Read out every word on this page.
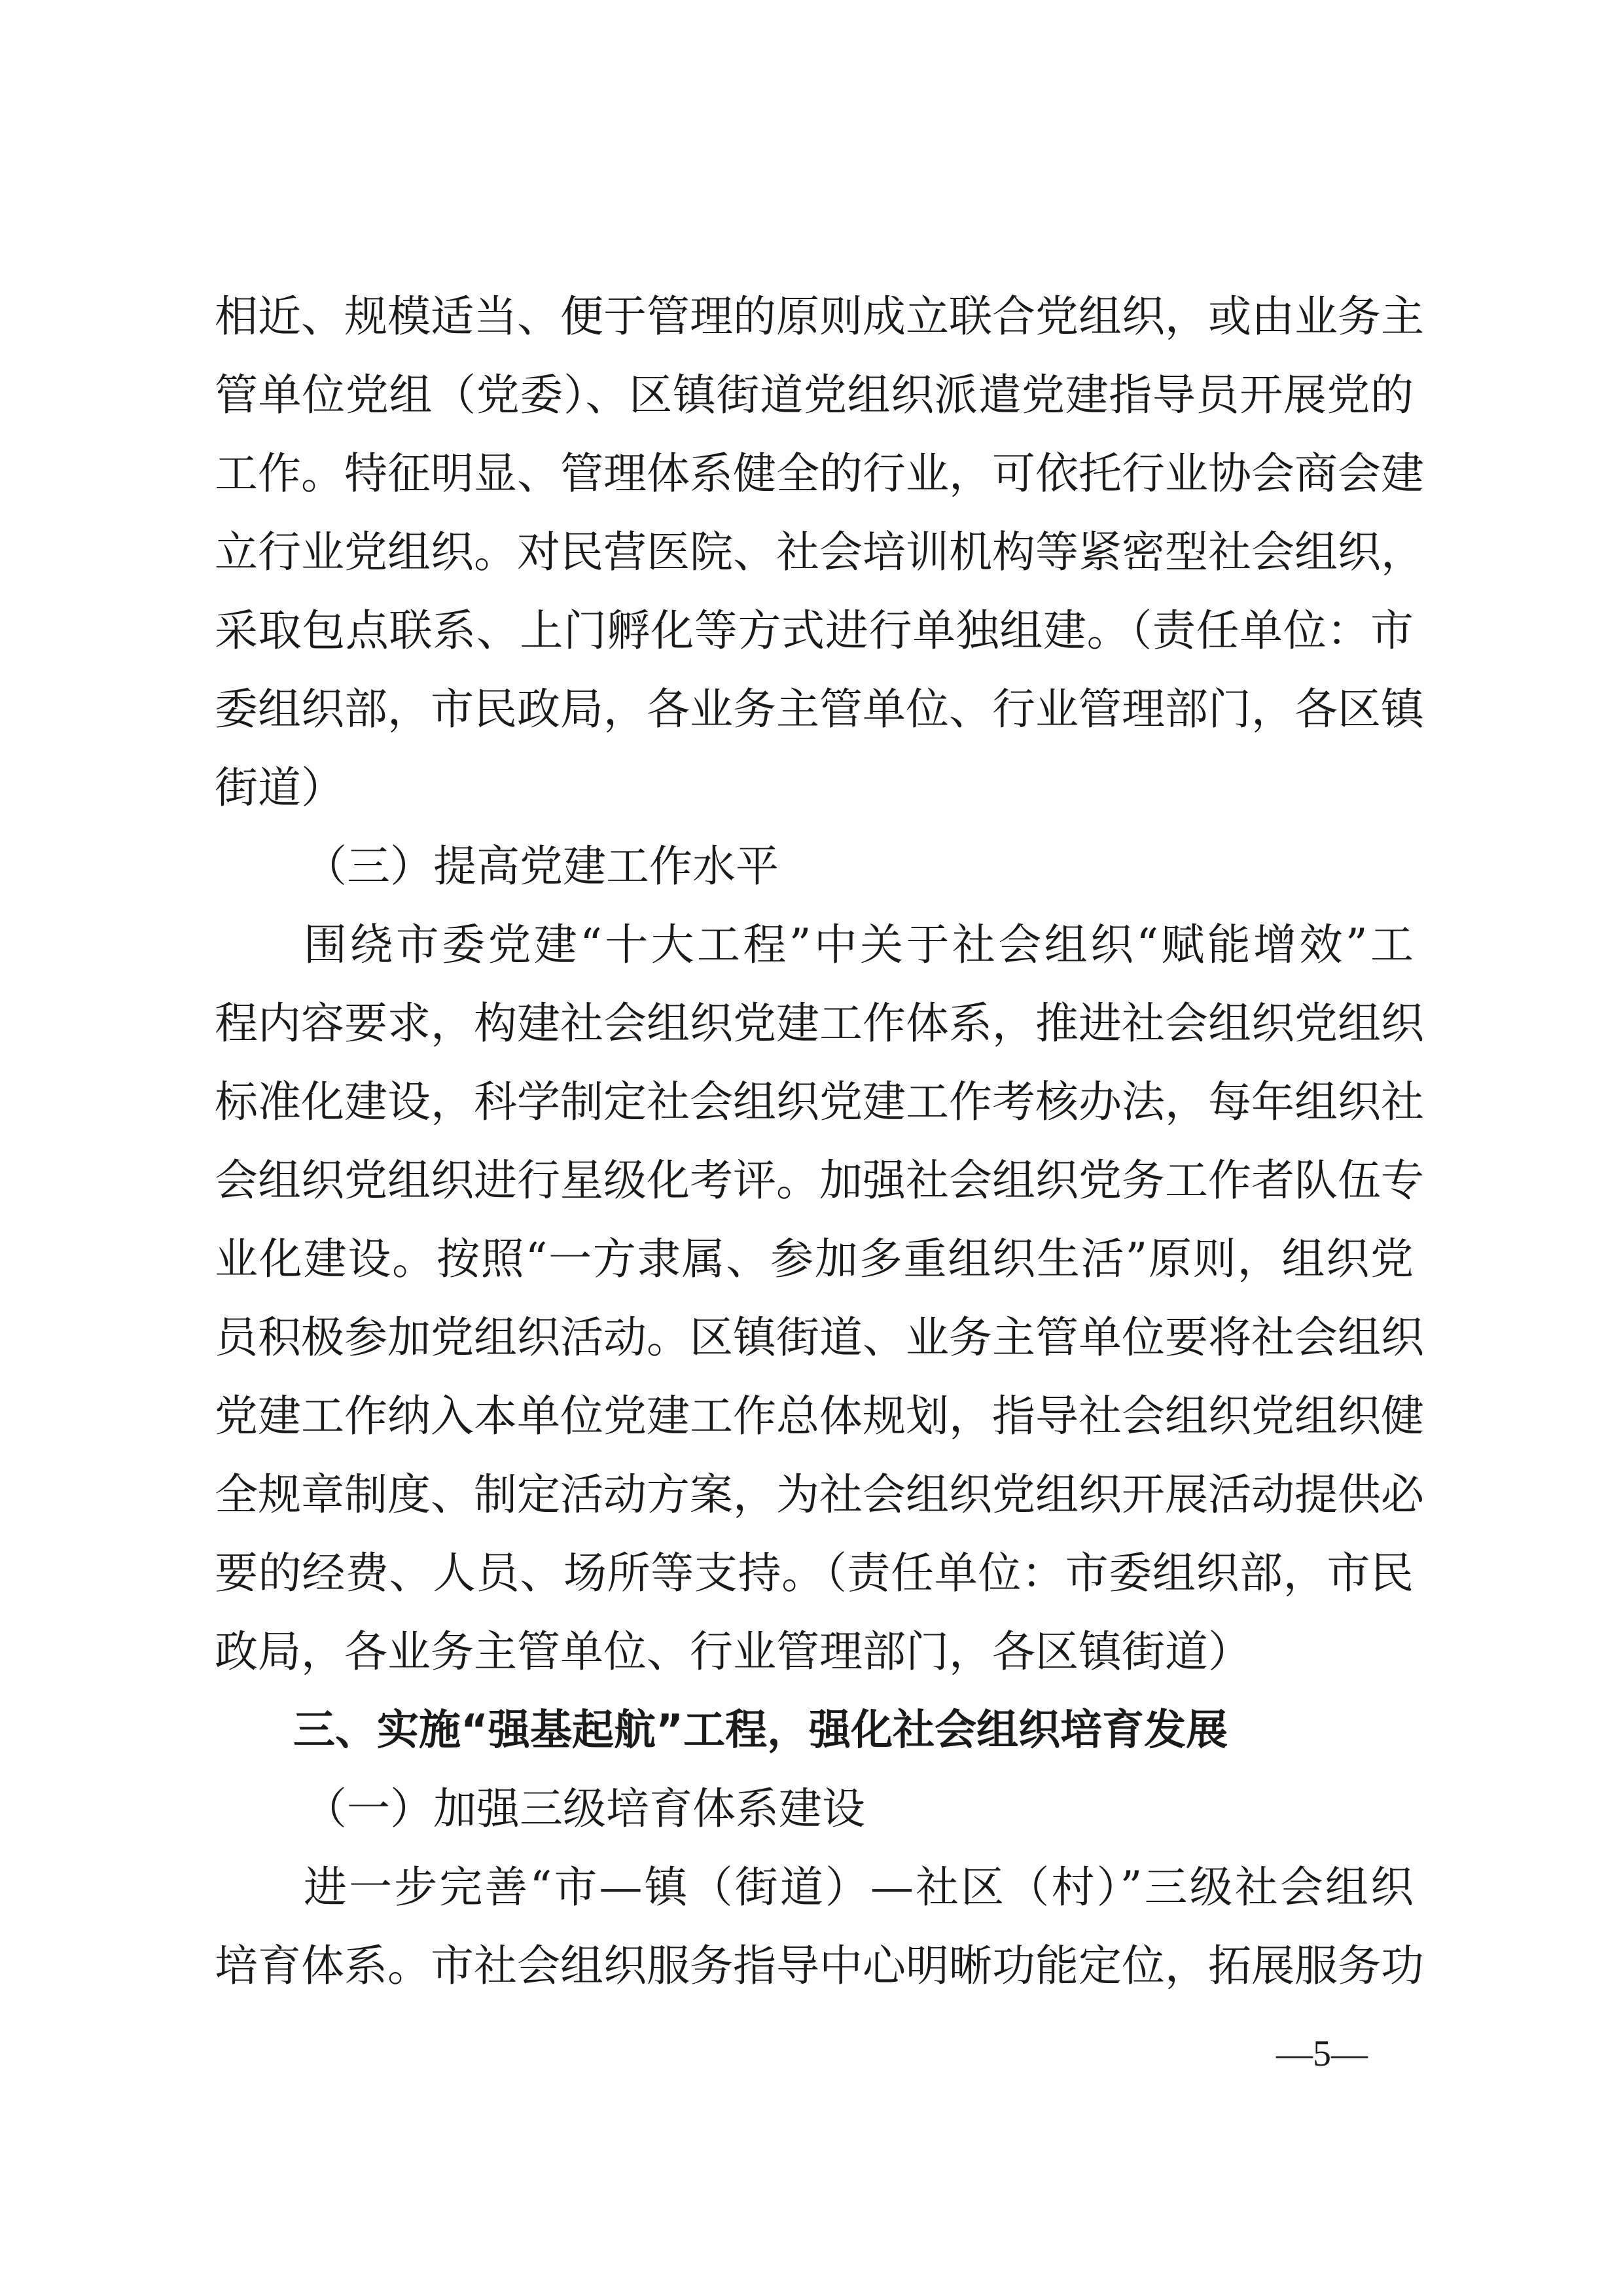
相近、规模适当、便于管理的原则成立联合党组织，或由业务主
管单位党组（党委）、区镇街道党组织派遣党建指导员开展党的
工作。特征明显、管理体系健全的行业，可依托行业协会商会建
立行业党组织。对民营医院、社会培训机构等紧密型社会组织，
采取包点联系、上门孵化等方式进行单独组建。（责任单位：市
委组织部，市民政局，各业务主管单位、行业管理部门，各区镇
街道）
（三）提高党建工作水平
围绕市委党建“十大工程”中关于社会组织“赋能增效”工
程内容要求，构建社会组织党建工作体系，推进社会组织党组织
标准化建设，科学制定社会组织党建工作考核办法，每年组织社
会组织党组织进行星级化考评。加强社会组织党务工作者队伍专
业化建设。按照“一方隶属、参加多重组织生活”原则，组织党
员积极参加党组织活动。区镇街道、业务主管单位要将社会组织
党建工作纳入本单位党建工作总体规划，指导社会组织党组织健
全规章制度、制定活动方案，为社会组织党组织开展活动提供必
要的经费、人员、场所等支持。（责任单位：市委组织部，市民
政局，各业务主管单位、行业管理部门，各区镇街道）
三、实施“强基起航”工程，强化社会组织培育发展
（一）加强三级培育体系建设
进一步完善“市—镇（街道）—社区（村）”三级社会组织
培育体系。市社会组织服务指导中心明晰功能定位，拓展服务功
—5—
